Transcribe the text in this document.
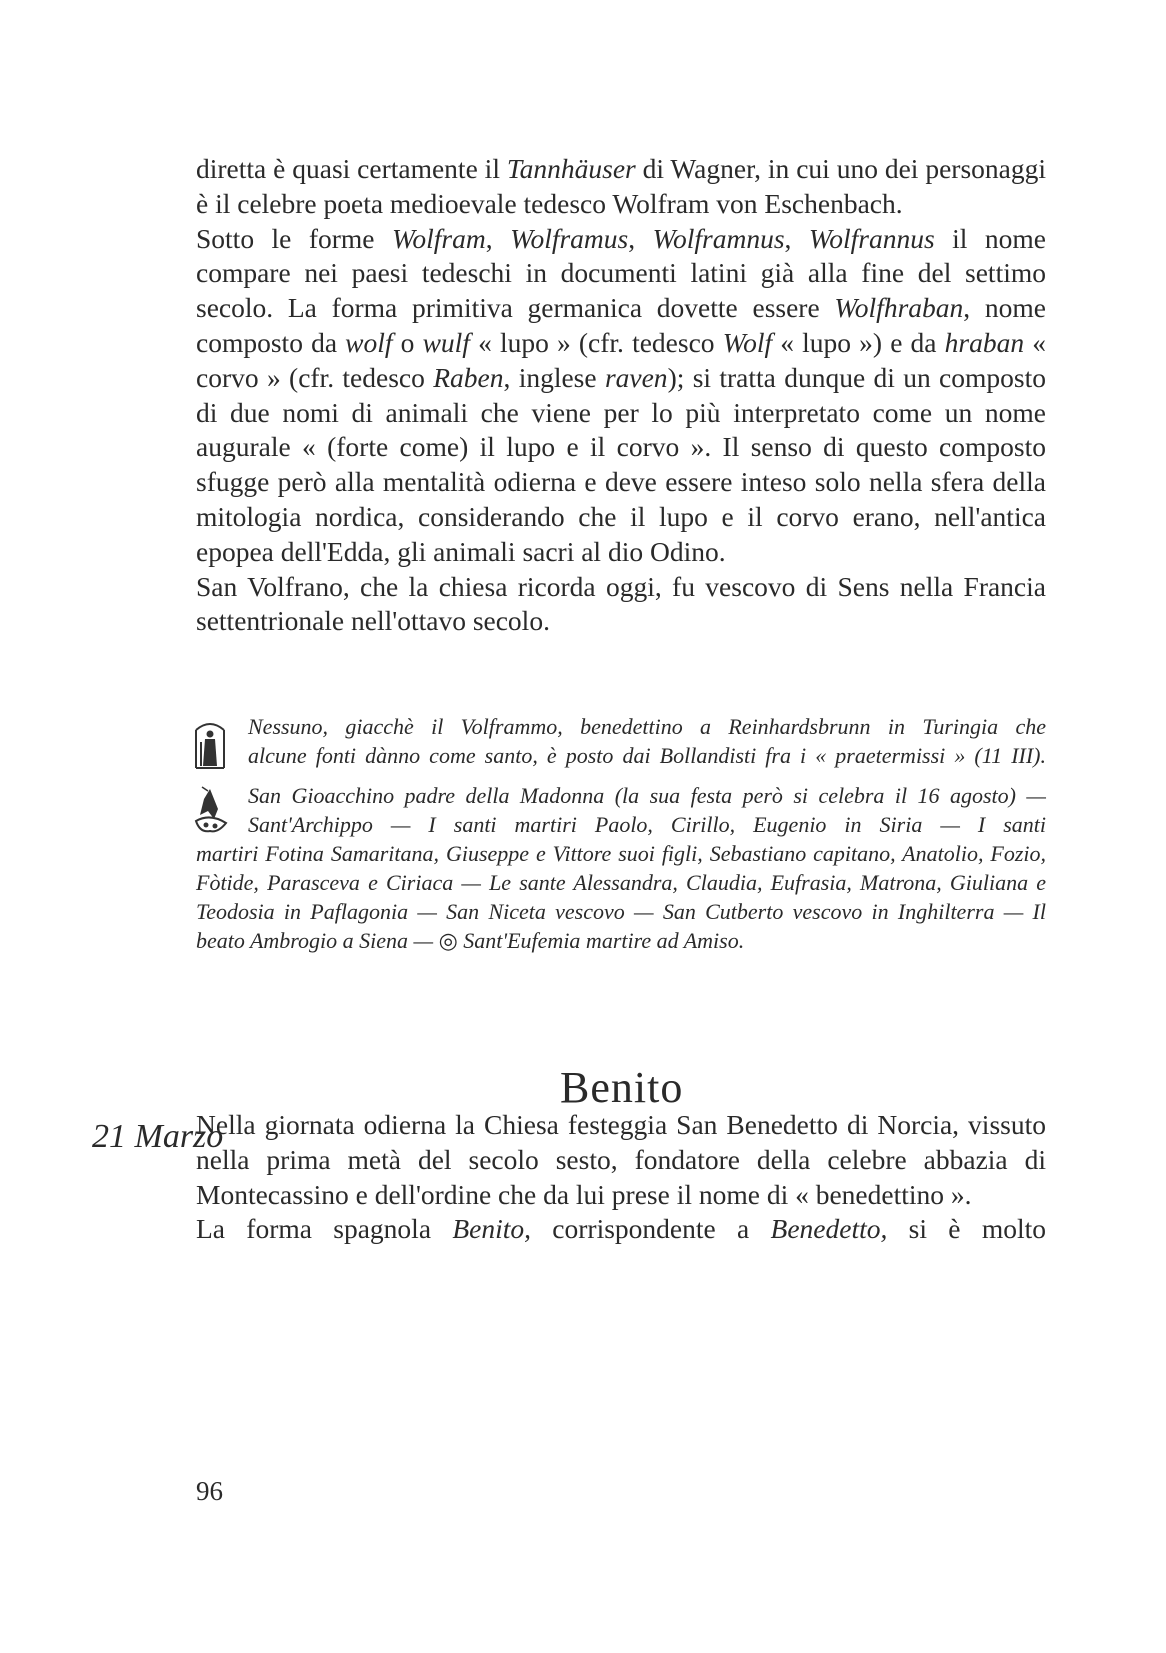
diretta è quasi certamente il Tannhäuser di Wagner, in cui uno dei personaggi è il celebre poeta medioevale tedesco Wolfram von Eschenbach.

Sotto le forme Wolfram, Wolframus, Wolframnus, Wolfrannus il nome compare nei paesi tedeschi in documenti latini già alla fine del settimo secolo. La forma primitiva germanica dovette essere Wolfhraban, nome composto da wolf o wulf « lupo » (cfr. tedesco Wolf « lupo ») e da hraban « corvo » (cfr. tedesco Raben, inglese raven); si tratta dunque di un composto di due nomi di animali che viene per lo più interpretato come un nome augurale « (forte come) il lupo e il corvo ». Il senso di questo composto sfugge però alla mentalità odierna e deve essere inteso solo nella sfera della mitologia nordica, considerando che il lupo e il corvo erano, nell'antica epopea dell'Edda, gli animali sacri al dio Odino.

San Volfrano, che la chiesa ricorda oggi, fu vescovo di Sens nella Francia settentrionale nell'ottavo secolo.

Nessuno, giacchè il Volframmo, benedettino a Reinhardsbrunn in Turingia che
alcune fonti dànno come santo, è posto dai Bollandisti fra i « praetermissi » (11 III).
San Gioacchino padre della Madonna (la sua festa però si celebra il 16 agosto) —
Sant'Archippo — I santi martiri Paolo, Cirillo, Eugenio in Siria — I santi
martiri Fotina Samaritana, Giuseppe e Vittore suoi figli, Sebastiano capitano, Anatolio, Fozio, Fòtide, Parasceva e Ciriaca — Le sante Alessandra, Claudia, Eufrasia, Matrona, Giuliana e Teodosia in Paflagonia — San Niceta vescovo — San Cutberto vescovo in Inghilterra — Il beato Ambrogio a Siena — ◎ Sant'Eufemia martire ad Amiso.
Benito
21 Marzo

Nella giornata odierna la Chiesa festeggia San Benedetto di Norcia, vissuto nella prima metà del secolo sesto, fondatore della celebre abbazia di Montecassino e dell'ordine che da lui prese il nome di « benedettino ».

La forma spagnola Benito, corrispondente a Benedetto, si è molto

96
